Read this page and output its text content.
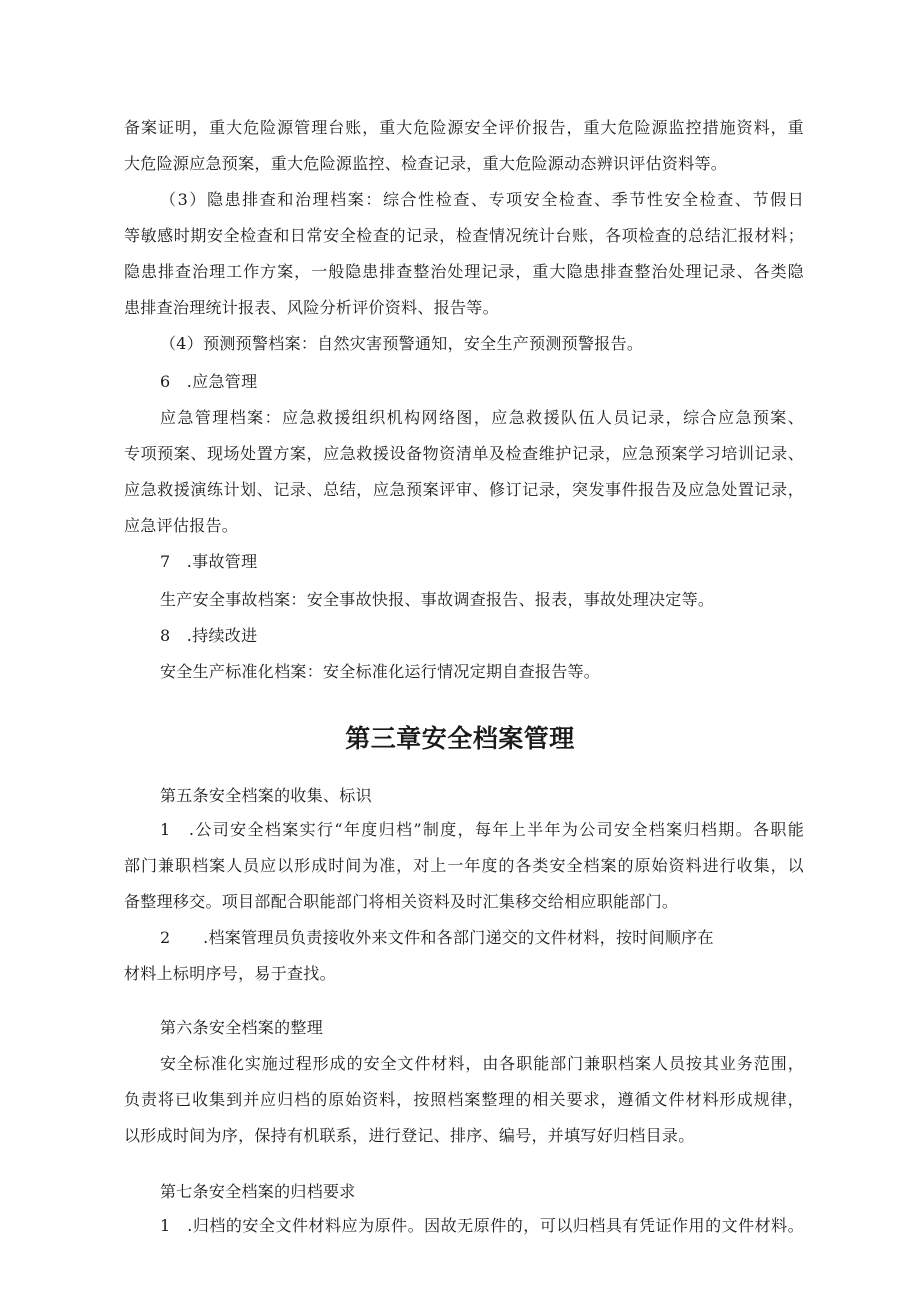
备案证明，重大危险源管理台账，重大危险源安全评价报告，重大危险源监控措施资料，重
大危险源应急预案，重大危险源监控、检查记录，重大危险源动态辨识评估资料等。
（3）隐患排查和治理档案：综合性检查、专项安全检查、季节性安全检查、节假日
等敏感时期安全检查和日常安全检查的记录，检查情况统计台账，各项检查的总结汇报材料；
隐患排查治理工作方案，一般隐患排查整治处理记录，重大隐患排查整治处理记录、各类隐
患排查治理统计报表、风险分析评价资料、报告等。
（4）预测预警档案：自然灾害预警通知，安全生产预测预警报告。
6　.应急管理
应急管理档案：应急救援组织机构网络图，应急救援队伍人员记录，综合应急预案、
专项预案、现场处置方案，应急救援设备物资清单及检查维护记录，应急预案学习培训记录、
应急救援演练计划、记录、总结，应急预案评审、修订记录，突发事件报告及应急处置记录，
应急评估报告。
7　.事故管理
生产安全事故档案：安全事故快报、事故调查报告、报表，事故处理决定等。
8　.持续改进
安全生产标准化档案：安全标准化运行情况定期自查报告等。
第三章安全档案管理
第五条安全档案的收集、标识
1　.公司安全档案实行“年度归档”制度，每年上半年为公司安全档案归档期。各职能
部门兼职档案人员应以形成时间为准，对上一年度的各类安全档案的原始资料进行收集，以
备整理移交。项目部配合职能部门将相关资料及时汇集移交给相应职能部门。
2　　.档案管理员负责接收外来文件和各部门递交的文件材料，按时间顺序在
材料上标明序号，易于查找。
第六条安全档案的整理
安全标准化实施过程形成的安全文件材料，由各职能部门兼职档案人员按其业务范围，
负责将已收集到并应归档的原始资料，按照档案整理的相关要求，遵循文件材料形成规律，
以形成时间为序，保持有机联系，进行登记、排序、编号，并填写好归档目录。
第七条安全档案的归档要求
1　.归档的安全文件材料应为原件。因故无原件的，可以归档具有凭证作用的文件材料。
